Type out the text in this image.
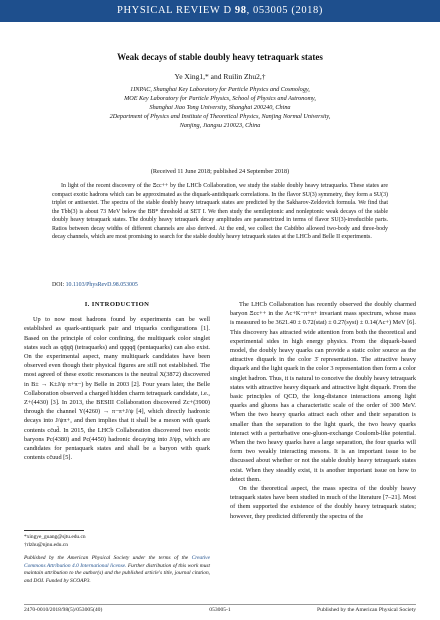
PHYSICAL REVIEW D 98, 053005 (2018)
Weak decays of stable doubly heavy tetraquark states
Ye Xing1,* and Ruilin Zhu2,†
1INPAC, Shanghai Key Laboratory for Particle Physics and Cosmology,
MOE Key Laboratory for Particle Physics, School of Physics and Astronomy,
Shanghai Jiao Tong University, Shanghai 200240, China
2Department of Physics and Institute of Theoretical Physics, Nanjing Normal University,
Nanjing, Jiangsu 210023, China
(Received 11 June 2018; published 24 September 2018)
In light of the recent discovery of the Ξcc++ by the LHCb Collaboration, we study the stable doubly heavy tetraquarks. These states are compact exotic hadrons which can be approximated as the diquark-antidiquark correlations. In the flavor SU(3) symmetry, they form a SU(3) triplet or antisextet. The spectra of the stable doubly heavy tetraquark states are predicted by the Sakharov-Zeldovich formula. We find that the Tbb(3) is about 73 MeV below the BB* threshold at SET I. We then study the semileptonic and nonleptonic weak decays of the stable doubly heavy tetraquark states. The doubly heavy tetraquark decay amplitudes are parametrized in terms of flavor SU(3)-irreducible parts. Ratios between decay widths of different channels are also derived. At the end, we collect the Cabibbo allowed two-body and three-body decay channels, which are most promising to search for the stable doubly heavy tetraquark states at the LHCb and Belle II experiments.
DOI: 10.1103/PhysRevD.98.053005
I. INTRODUCTION

Up to now most hadrons found by experiments can be well established as quark-antiquark pair and triquarks configurations [1]. Based on the principle of color confining, the multiquark color singlet states such as qq̄qq̄ (tetraquarks) and qqqqq̄ (pentaquarks) can also exist. On the experimental aspect, many multiquark candidates have been observed even though their physical figures are still not established. The most agreed of these exotic resonances is the neutral X(3872) discovered in B± → K±J/ψ π+π−) by Belle in 2003 [2]. Four years later, the Belle Collaboration observed a charged hidden charm tetraquark candidate, i.e., Z+(4430) [3]. In 2013, the BESIII Collaboration discovered Zc+(3900) through the channel Y(4260) → π−π+J/ψ [4], which directly hadronic decays into J/ψπ+, and then implies that it shall be a meson with quark contents cc̄ud̄. In 2015, the LHCb Collaboration discovered two exotic baryons Pc(4380) and Pc(4450) hadronic decaying into J/ψp, which are candidates for pentaquark states and shall be a baryon with quark contents cc̄uud [5].

The LHCb Collaboration has recently observed the doubly charmed baryon Ξcc++ in the Λc+K−π+π+ invariant mass spectrum, whose mass is measured to be 3621.40 ± 0.72(stat) ± 0.27(syst) ± 0.14(Λc+) MeV [6]. This discovery has attracted wide attention from both the theoretical and experimental sides in high energy physics. From the diquark-based model, the doubly heavy quarks can provide a static color source as the attractive diquark in the color 3̄ representation. The attractive heavy diquark and the light quark in the color 3 representation then form a color singlet hadron. Thus, it is natural to conceive the doubly heavy tetraquark states with attractive heavy diquark and attractive light diquark. From the basic principles of QCD, the long-distance interactions among light quarks and gluons has a characteristic scale of the order of 300 MeV. When the two heavy quarks attract each other and their separation is smaller than the separation to the light quark, the two heavy quarks interact with a perturbative one-gluon-exchange Coulomb-like potential. When the two heavy quarks have a large separation, the four quarks will form two weakly interacting mesons. It is an important issue to be discussed about whether or not the stable doubly heavy tetraquark states exist. When they steadily exist, it is another important issue on how to detect them.

On the theoretical aspect, the mass spectra of the doubly heavy tetraquark states have been studied in much of the literature [7–21]. Most of them supported the existence of the doubly heavy tetraquark states; however, they predicted differently the spectra of the

*xingye_guang@sjtu.edu.cn
†rlzhu@njnu.edu.cn
Published by the American Physical Society under the terms of the Creative Commons Attribution 4.0 International license. Further distribution of this work must maintain attribution to the author(s) and the published article's title, journal citation, and DOI. Funded by SCOAP3.
2470-0010/2018/98(5)/053005(40)	053005-1	Published by the American Physical Society
